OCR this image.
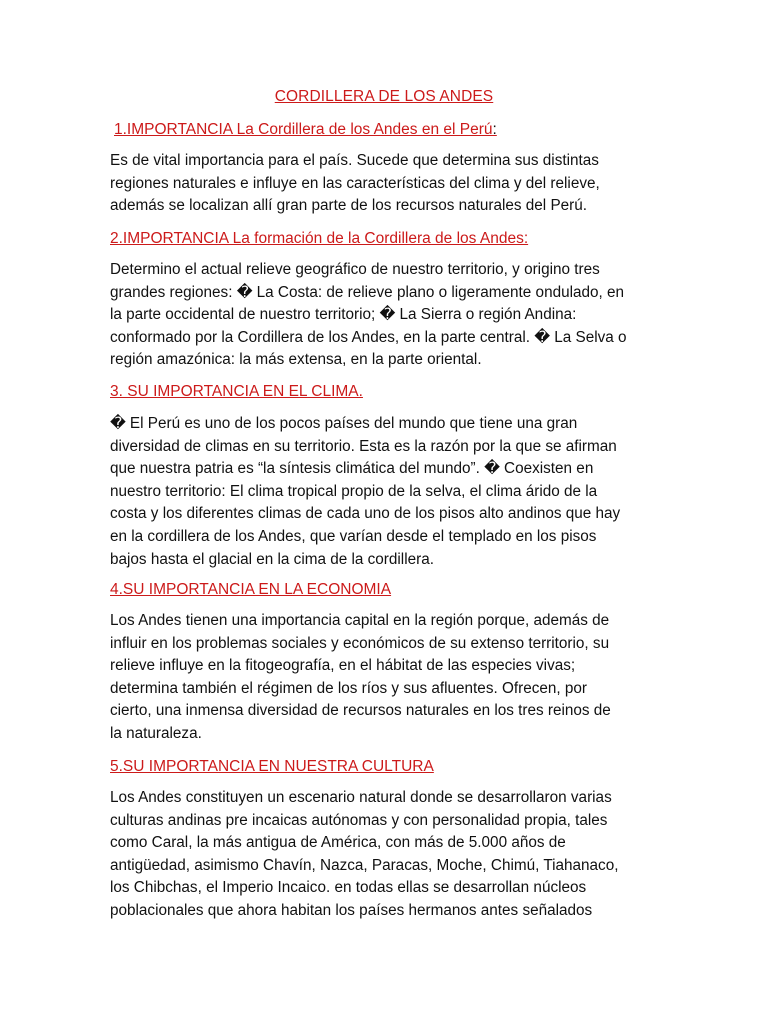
CORDILLERA DE LOS ANDES
1.IMPORTANCIA La Cordillera de los Andes en el Perú:
Es de vital importancia para el país. Sucede que determina sus distintas
regiones naturales e influye en las características del clima y del relieve,
además se localizan allí gran parte de los recursos naturales del Perú.
2.IMPORTANCIA La formación de la Cordillera de los Andes:
Determino el actual relieve geográfico de nuestro territorio, y origino tres
grandes regiones: � La Costa: de relieve plano o ligeramente ondulado, en
la parte occidental de nuestro territorio; � La Sierra o región Andina:
conformado por la Cordillera de los Andes, en la parte central. � La Selva o
región amazónica: la más extensa, en la parte oriental.
3. SU IMPORTANCIA EN EL CLIMA.
� El Perú es uno de los pocos países del mundo que tiene una gran
diversidad de climas en su territorio. Esta es la razón por la que se afirman
que nuestra patria es “la síntesis climática del mundo”. � Coexisten en
nuestro territorio: El clima tropical propio de la selva, el clima árido de la
costa y los diferentes climas de cada uno de los pisos alto andinos que hay
en la cordillera de los Andes, que varían desde el templado en los pisos
bajos hasta el glacial en la cima de la cordillera.
4.SU IMPORTANCIA EN LA ECONOMIA
Los Andes tienen una importancia capital en la región porque, además de
influir en los problemas sociales y económicos de su extenso territorio, su
relieve influye en la fitogeografía, en el hábitat de las especies vivas;
determina también el régimen de los ríos y sus afluentes. Ofrecen, por
cierto, una inmensa diversidad de recursos naturales en los tres reinos de
la naturaleza.
5.SU IMPORTANCIA EN NUESTRA CULTURA
Los Andes constituyen un escenario natural donde se desarrollaron varias
culturas andinas pre incaicas autónomas y con personalidad propia, tales
como Caral, la más antigua de América, con más de 5.000 años de
antigüedad, asimismo Chavín, Nazca, Paracas, Moche, Chimú, Tiahanaco,
los Chibchas, el Imperio Incaico. en todas ellas se desarrollan núcleos
poblacionales que ahora habitan los países hermanos antes señalados
